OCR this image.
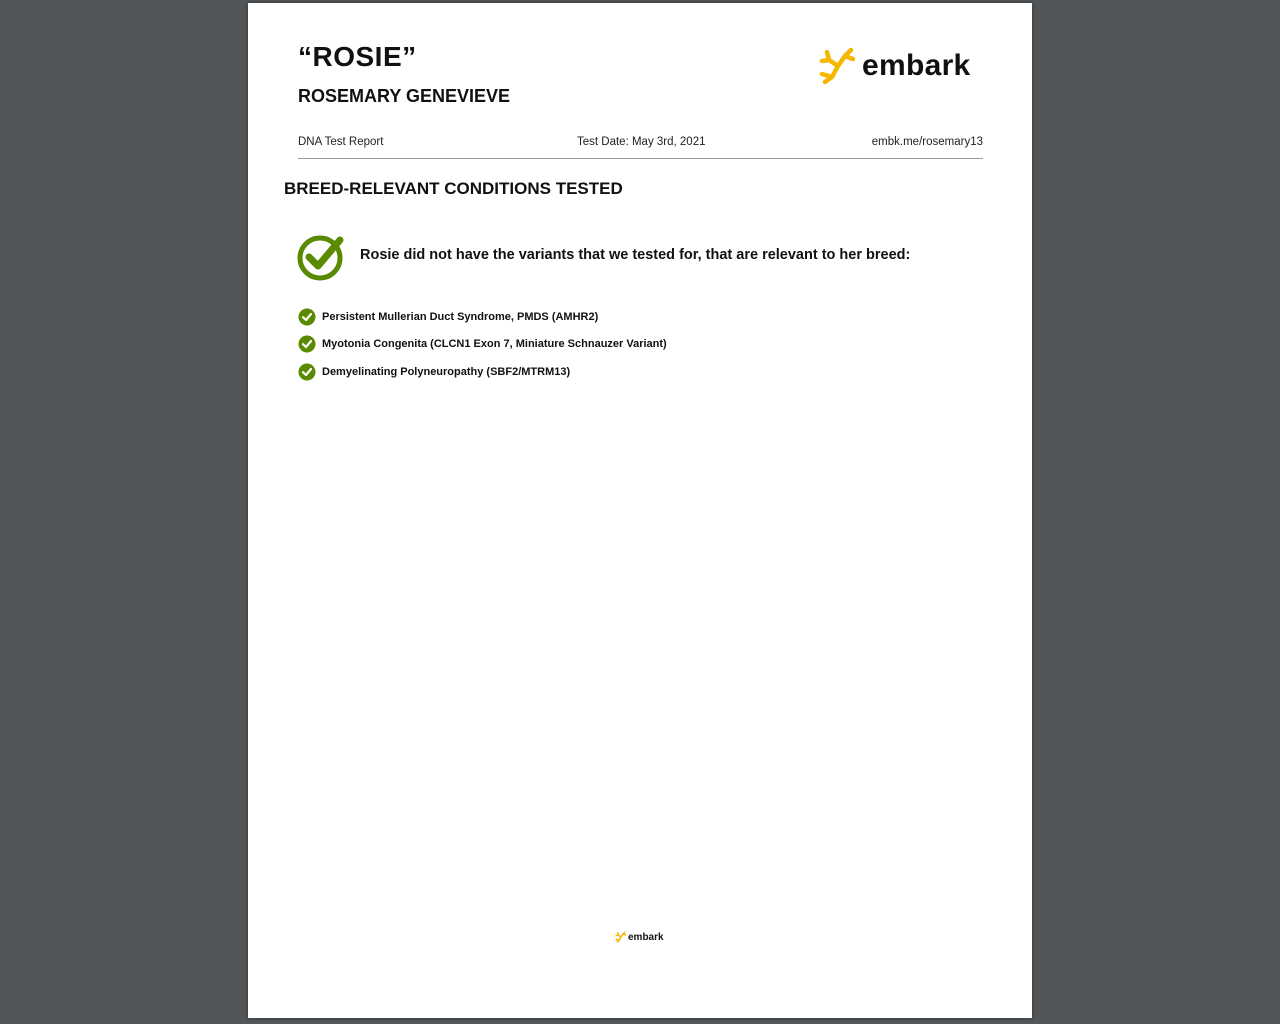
“ROSIE”
ROSEMARY GENEVIEVE
embark
DNA Test Report	Test Date: May 3rd, 2021	embk.me/rosemary13
BREED-RELEVANT CONDITIONS TESTED
Rosie did not have the variants that we tested for, that are relevant to her breed:
Persistent Mullerian Duct Syndrome, PMDS (AMHR2)
Myotonia Congenita (CLCN1 Exon 7, Miniature Schnauzer Variant)
Demyelinating Polyneuropathy (SBF2/MTRM13)
embark
